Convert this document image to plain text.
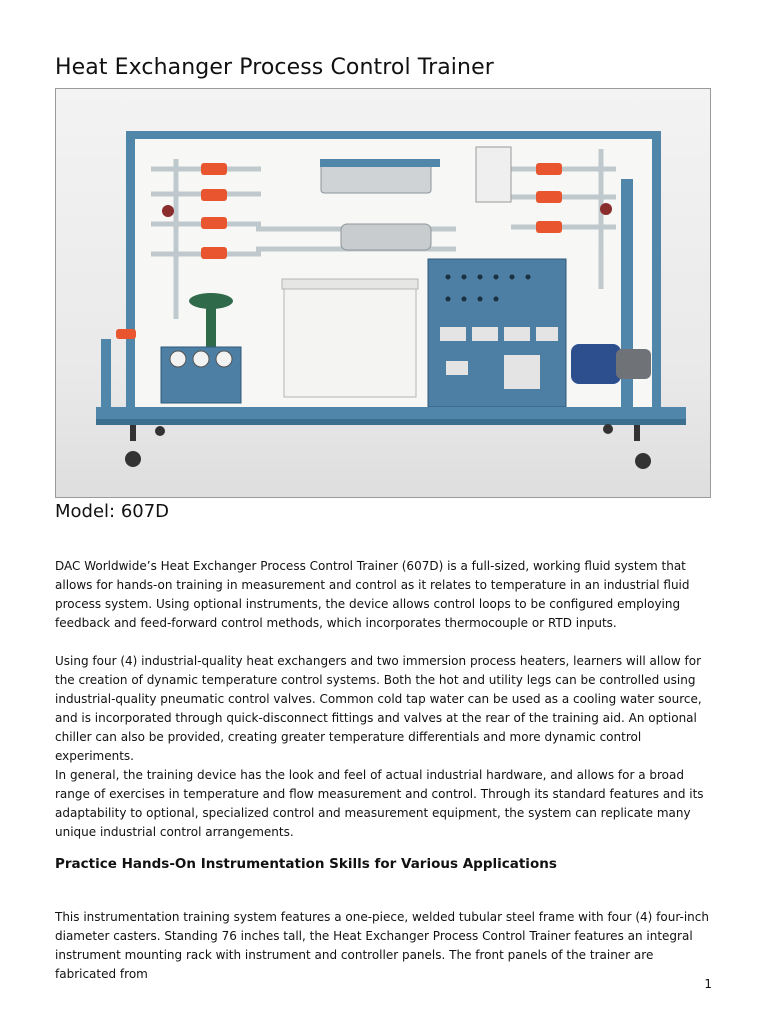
Heat Exchanger Process Control Trainer
Model: 607D

DAC Worldwide’s Heat Exchanger Process Control Trainer (607D) is a full-sized, working fluid system that allows for hands-on training in measurement and control as it relates to temperature in an industrial fluid process system. Using optional instruments, the device allows control loops to be configured employing feedback and feed-forward control methods, which incorporates thermocouple or RTD inputs.

Using four (4) industrial-quality heat exchangers and two immersion process heaters, learners will allow for the creation of dynamic temperature control systems. Both the hot and utility legs can be controlled using industrial-quality pneumatic control valves. Common cold tap water can be used as a cooling water source, and is incorporated through quick-disconnect fittings and valves at the rear of the training aid. An optional chiller can also be provided, creating greater temperature differentials and more dynamic control experiments.

In general, the training device has the look and feel of actual industrial hardware, and allows for a broad range of exercises in temperature and flow measurement and control. Through its standard features and its adaptability to optional, specialized control and measurement equipment, the system can replicate many unique industrial control arrangements.

Practice Hands-On Instrumentation Skills for Various Applications

This instrumentation training system features a one-piece, welded tubular steel frame with four (4) four-inch diameter casters. Standing 76 inches tall, the Heat Exchanger Process Control Trainer features an integral instrument mounting rack with instrument and controller panels. The front panels of the trainer are fabricated from

1
